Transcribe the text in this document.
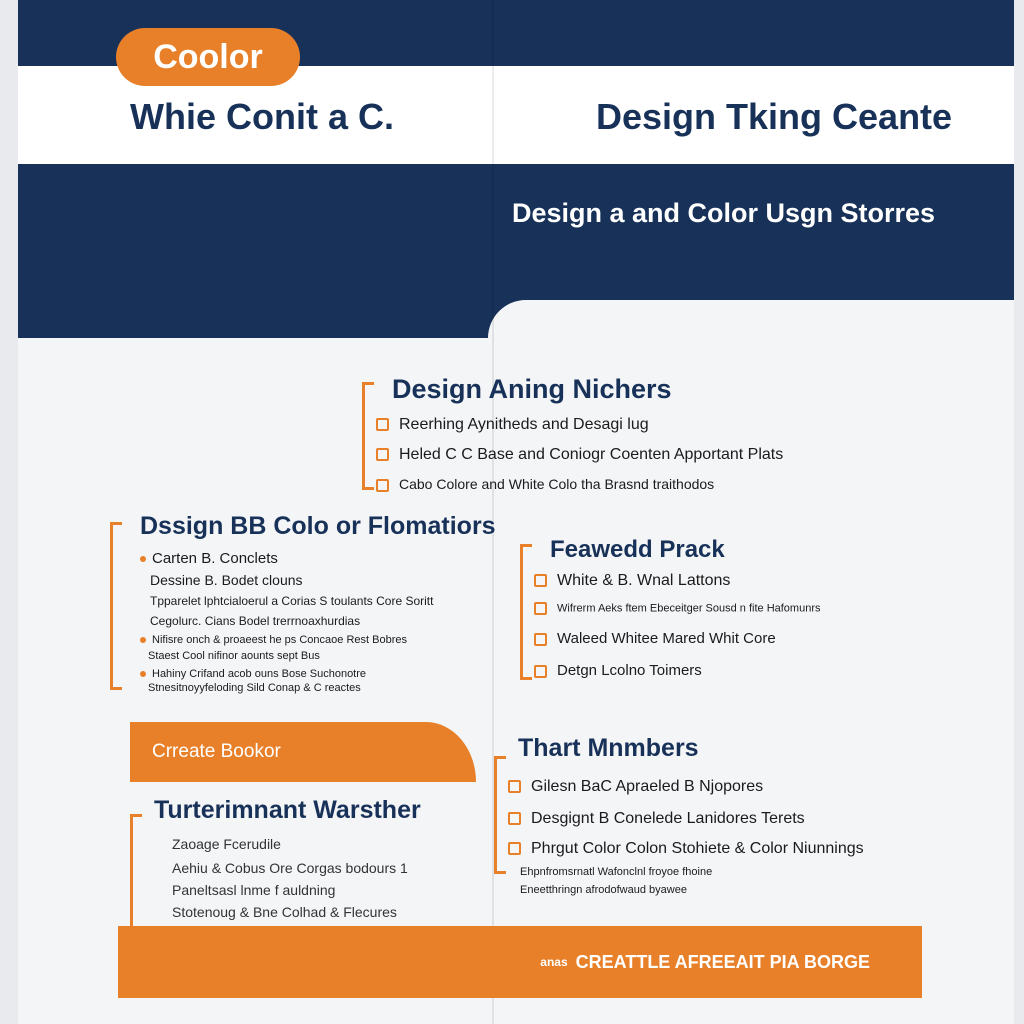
Coolor
Whie Conit a C.	Design Tking Ceante
Design a and Color Usgn Storres
Design Aning Nichers
Reerhing Aynitheds and Desagi lug
Heled C C Base and Coniogr Coenten Apportant Plats
Cabo Colore and White Colo tha Brasnd traithodos
Dssign BB Colo or Flomatiors
Carten B. Conclets
Dessine B. Bodet clouns
Tpparelet lphtcialoerul a Corias S toulants Core Soritt
Cegolurc. Cians Bodel trerrnoaxhurdias
Nifisre onch & proaeest he ps Concaoe Rest Bobres
Staest Cool nifinor aounts sept Bus
Hahiny Crifand acob ouns Bose Suchonotre
Stnesitnoyyfeloding Sild Conap & C reactes
Feawedd Prack
White & B. Wnal Lattons
Wifrerm Aeks ftem Ebeceitger Sousd n fite Hafomunrs
Waleed Whitee Mared Whit Core
Detgn Lcolno Toimers
Crreate Bookor
Turterimnant Warsther
Zaoage Fcerudile
Aehiu & Cobus Ore Corgas bodours 1
Paneltsasl lnme f auldning
Stotenoug & Bne Colhad & Flecures
Thart Mnmbers
Gilesn BaC Apraeled B Njopores
Desgignt B Conelede Lanidores Terets
Phrgut Color Colon Stohiete & Color Niunnings
Ehpnfromsrnatl Wafonclnl froyoe fhoine
Eneetthringn afrodofwaud byawee
anas CREATTLE AFREEAIT PIA BORGE
